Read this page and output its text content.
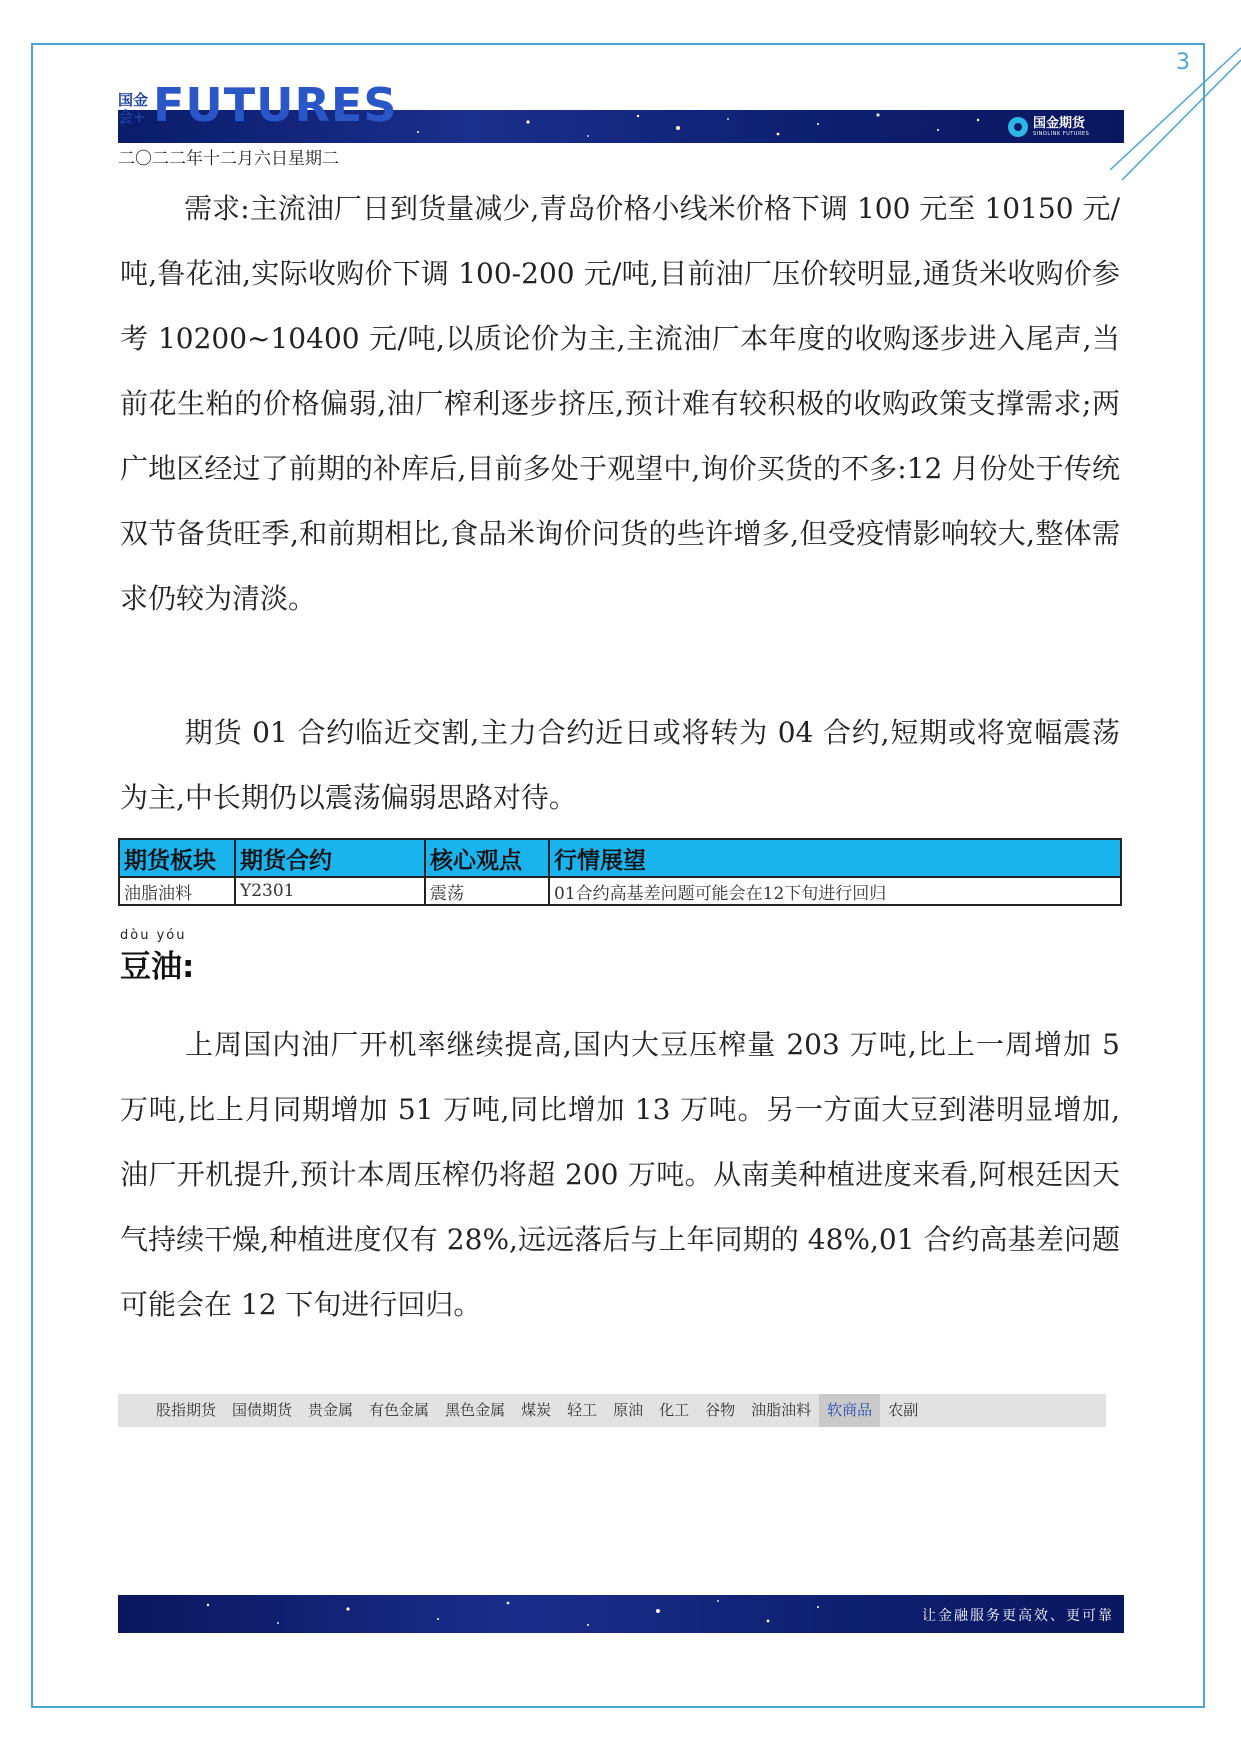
3
国金会+ FUTURES	国金期货
SINOLINK FUTURES
二〇二二年十二月六日星期二

需求:主流油厂日到货量减少,青岛价格小线米价格下调 100 元至 10150 元/吨,鲁花油,实际收购价下调 100-200 元/吨,目前油厂压价较明显,通货米收购价参考 10200~10400 元/吨,以质论价为主,主流油厂本年度的收购逐步进入尾声,当前花生粕的价格偏弱,油厂榨利逐步挤压,预计难有较积极的收购政策支撑需求;两广地区经过了前期的补库后,目前多处于观望中,询价买货的不多:12 月份处于传统双节备货旺季,和前期相比,食品米询价问货的些许增多,但受疫情影响较大,整体需求仍较为清淡。

期货 01 合约临近交割,主力合约近日或将转为 04 合约,短期或将宽幅震荡为主,中长期仍以震荡偏弱思路对待。

期货板块	期货合约	核心观点	行情展望
油脂油料	Y2301	震荡	01合约高基差问题可能会在12下旬进行回归
dòu yóu
豆油:

上周国内油厂开机率继续提高,国内大豆压榨量 203 万吨,比上一周增加 5 万吨,比上月同期增加 51 万吨,同比增加 13 万吨。另一方面大豆到港明显增加,油厂开机提升,预计本周压榨仍将超 200 万吨。从南美种植进度来看,阿根廷因天气持续干燥,种植进度仅有 28%,远远落后与上年同期的 48%,01 合约高基差问题可能会在 12 下旬进行回归。

股指期货	国债期货	贵金属	有色金属	黑色金属	煤炭	轻工	原油	化工	谷物	油脂油料	软商品	农副
让金融服务更高效、更可靠
